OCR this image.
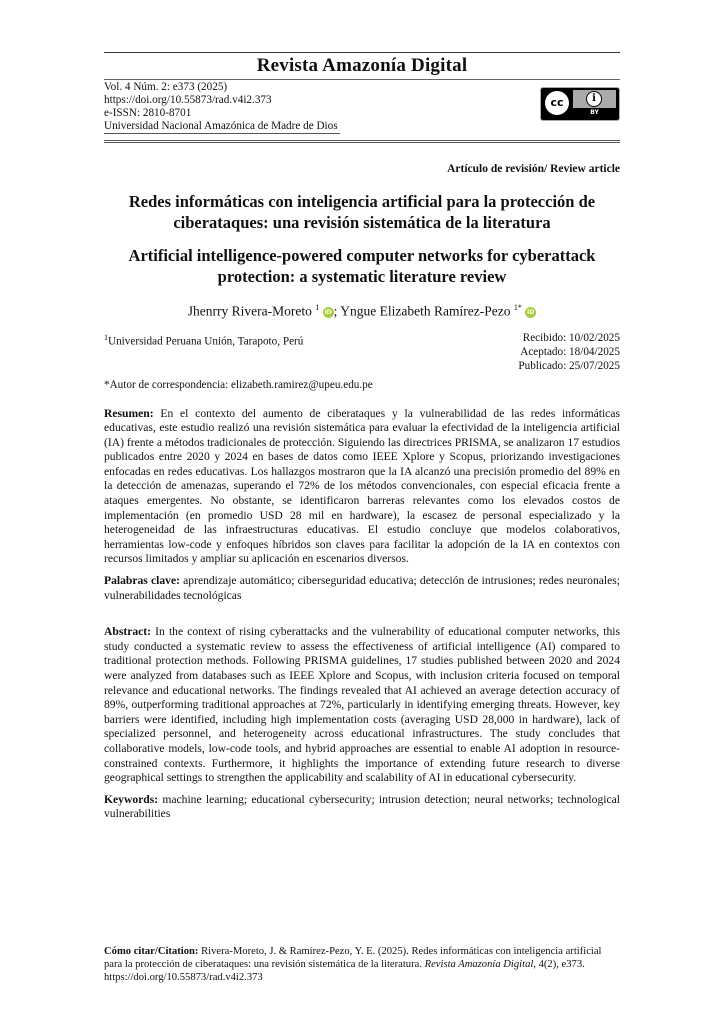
Revista Amazonía Digital
Vol. 4 Núm. 2: e373 (2025)
https://doi.org/10.55873/rad.v4i2.373
e-ISSN: 2810-8701
Universidad Nacional Amazónica de Madre de Dios
cc	i
BY
Artículo de revisión/ Review article
Redes informáticas con inteligencia artificial para la protección de ciberataques: una revisión sistemática de la literatura
Artificial intelligence-powered computer networks for cyberattack protection: a systematic literature review
Jhenrry Rivera-Moreto $^1$ iD ; Yngue Elizabeth Ramírez-Pezo $^{1*}$ iD
$^1$Universidad Peruana Unión, Tarapoto, Perú	Recibido: 10/02/2025
Aceptado: 18/04/2025
Publicado: 25/07/2025
*Autor de correspondencia: elizabeth.ramirez@upeu.edu.pe

Resumen: En el contexto del aumento de ciberataques y la vulnerabilidad de las redes informáticas educativas, este estudio realizó una revisión sistemática para evaluar la efectividad de la inteligencia artificial (IA) frente a métodos tradicionales de protección. Siguiendo las directrices PRISMA, se analizaron 17 estudios publicados entre 2020 y 2024 en bases de datos como IEEE Xplore y Scopus, priorizando investigaciones enfocadas en redes educativas. Los hallazgos mostraron que la IA alcanzó una precisión promedio del 89% en la detección de amenazas, superando el 72% de los métodos convencionales, con especial eficacia frente a ataques emergentes. No obstante, se identificaron barreras relevantes como los elevados costos de implementación (en promedio USD 28 mil en hardware), la escasez de personal especializado y la heterogeneidad de las infraestructuras educativas. El estudio concluye que modelos colaborativos, herramientas low-code y enfoques híbridos son claves para facilitar la adopción de la IA en contextos con recursos limitados y ampliar su aplicación en escenarios diversos.

Palabras clave: aprendizaje automático; ciberseguridad educativa; detección de intrusiones; redes neuronales; vulnerabilidades tecnológicas

Abstract: In the context of rising cyberattacks and the vulnerability of educational computer networks, this study conducted a systematic review to assess the effectiveness of artificial intelligence (AI) compared to traditional protection methods. Following PRISMA guidelines, 17 studies published between 2020 and 2024 were analyzed from databases such as IEEE Xplore and Scopus, with inclusion criteria focused on temporal relevance and educational networks. The findings revealed that AI achieved an average detection accuracy of 89%, outperforming traditional approaches at 72%, particularly in identifying emerging threats. However, key barriers were identified, including high implementation costs (averaging USD 28,000 in hardware), lack of specialized personnel, and heterogeneity across educational infrastructures. The study concludes that collaborative models, low-code tools, and hybrid approaches are essential to enable AI adoption in resource-constrained contexts. Furthermore, it highlights the importance of extending future research to diverse geographical settings to strengthen the applicability and scalability of AI in educational cybersecurity.

Keywords: machine learning; educational cybersecurity; intrusion detection; neural networks; technological vulnerabilities

Cómo citar/Citation: Rivera-Moreto, J. & Ramírez-Pezo, Y. E. (2025). Redes informáticas con inteligencia artificial para la protección de ciberataques: una revisión sistemática de la literatura. Revista Amazonía Digital, 4(2), e373.
https://doi.org/10.55873/rad.v4i2.373
